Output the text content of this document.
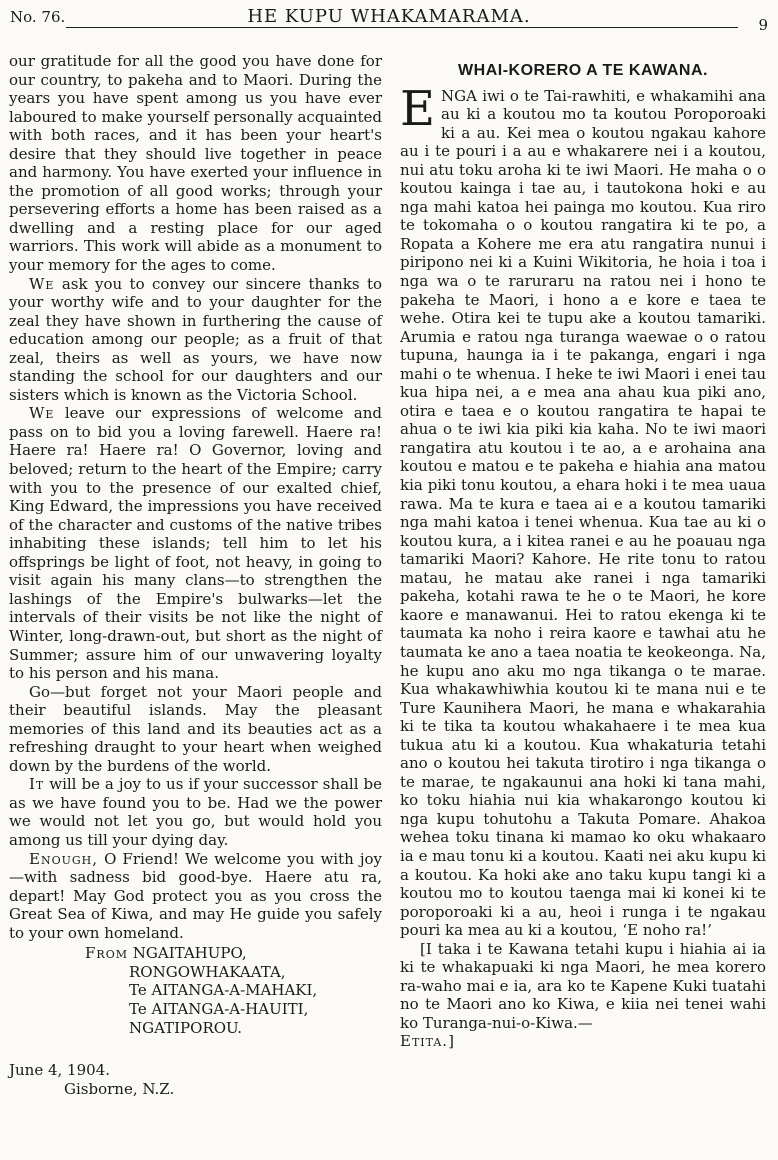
No. 76.	HE KUPU WHAKAMARAMA.	9

our gratitude for all the good you have done for our country, to pakeha and to Maori. During the years you have spent among us you have ever laboured to make yourself personally acquainted with both races, and it has been your heart's desire that they should live together in peace and harmony. You have exerted your influence in the promotion of all good works; through your persevering efforts a home has been raised as a dwelling and a resting place for our aged warriors. This work will abide as a monument to your memory for the ages to come.

We ask you to convey our sincere thanks to your worthy wife and to your daughter for the zeal they have shown in furthering the cause of education among our people; as a fruit of that zeal, theirs as well as yours, we have now standing the school for our daughters and our sisters which is known as the Victoria School.

We leave our expressions of welcome and pass on to bid you a loving farewell. Haere ra! Haere ra! Haere ra! O Governor, loving and beloved; return to the heart of the Empire; carry with you to the presence of our exalted chief, King Edward, the impressions you have received of the character and customs of the native tribes inhabiting these islands; tell him to let his offsprings be light of foot, not heavy, in going to visit again his many clans—to strengthen the lashings of the Empire's bulwarks—let the intervals of their visits be not like the night of Winter, long-drawn-out, but short as the night of Summer; assure him of our unwavering loyalty to his person and his mana.

Go—but forget not your Maori people and their beautiful islands. May the pleasant memories of this land and its beauties act as a refreshing draught to your heart when weighed down by the burdens of the world.

It will be a joy to us if your successor shall be as we have found you to be. Had we the power we would not let you go, but would hold you among us till your dying day.

Enough, O Friend! We welcome you with joy—with sadness bid good-bye. Haere atu ra, depart! May God protect you as you cross the Great Sea of Kiwa, and may He guide you safely to your own homeland.

From NGAITAHUPO,
RONGOWHAKAATA,
Te AITANGA-A-MAHAKI,
Te AITANGA-A-HAUITI,
NGATIPOROU.
June 4, 1904.
Gisborne, N.Z.
WHAI-KORERO A TE KAWANA.

ENGA iwi o te Tai-rawhiti, e whakamihi ana au ki a koutou mo ta koutou Poroporoaki ki a au. Kei mea o koutou ngakau kahore au i te pouri i a au e whakarere nei i a koutou, nui atu toku aroha ki te iwi Maori. He maha o o koutou kainga i tae au, i tautokona hoki e au nga mahi katoa hei painga mo koutou. Kua riro te tokomaha o o koutou rangatira ki te po, a Ropata a Kohere me era atu rangatira nunui i piripono nei ki a Kuini Wikitoria, he hoia i toa i nga wa o te raruraru na ratou nei i hono te pakeha te Maori, i hono a e kore e taea te wehe. Otira kei te tupu ake a koutou tamariki. Arumia e ratou nga turanga waewae o o ratou tupuna, haunga ia i te pakanga, engari i nga mahi o te whenua. I heke te iwi Maori i enei tau kua hipa nei, a e mea ana ahau kua piki ano, otira e taea e o koutou rangatira te hapai te ahua o te iwi kia piki kia kaha. No te iwi maori rangatira atu koutou i te ao, a e arohaina ana koutou e matou e te pakeha e hiahia ana matou kia piki tonu koutou, a ehara hoki i te mea uaua rawa. Ma te kura e taea ai e a koutou tamariki nga mahi katoa i tenei whenua. Kua tae au ki o koutou kura, a i kitea ranei e au he poauau nga tamariki Maori? Kahore. He rite tonu to ratou matau, he matau ake ranei i nga tamariki pakeha, kotahi rawa te he o te Maori, he kore kaore e manawanui. Hei to ratou ekenga ki te taumata ka noho i reira kaore e tawhai atu he taumata ke ano a taea noatia te keokeonga. Na, he kupu ano aku mo nga tikanga o te marae. Kua whakawhiwhia koutou ki te mana nui e te Ture Kaunihera Maori, he mana e whakarahia ki te tika ta koutou whakahaere i te mea kua tukua atu ki a koutou. Kua whakaturia tetahi ano o koutou hei takuta tirotiro i nga tikanga o te marae, te ngakaunui ana hoki ki tana mahi, ko toku hiahia nui kia whakarongo koutou ki nga kupu tohutohu a Takuta Pomare. Ahakoa wehea toku tinana ki mamao ko oku whakaaro ia e mau tonu ki a koutou. Kaati nei aku kupu ki a koutou. Ka hoki ake ano taku kupu tangi ki a koutou mo to koutou taenga mai ki konei ki te poroporoaki ki a au, heoi i runga i te ngakau pouri ka mea au ki a koutou, ‘E noho ra!’

[I taka i te Kawana tetahi kupu i hiahia ai ia ki te whakapuaki ki nga Maori, he mea korero ra-waho mai e ia, ara ko te Kapene Kuki tuatahi no te Maori ano ko Kiwa, e kiia nei tenei wahi ko Turanga-nui-o-Kiwa.—
Etita.]
